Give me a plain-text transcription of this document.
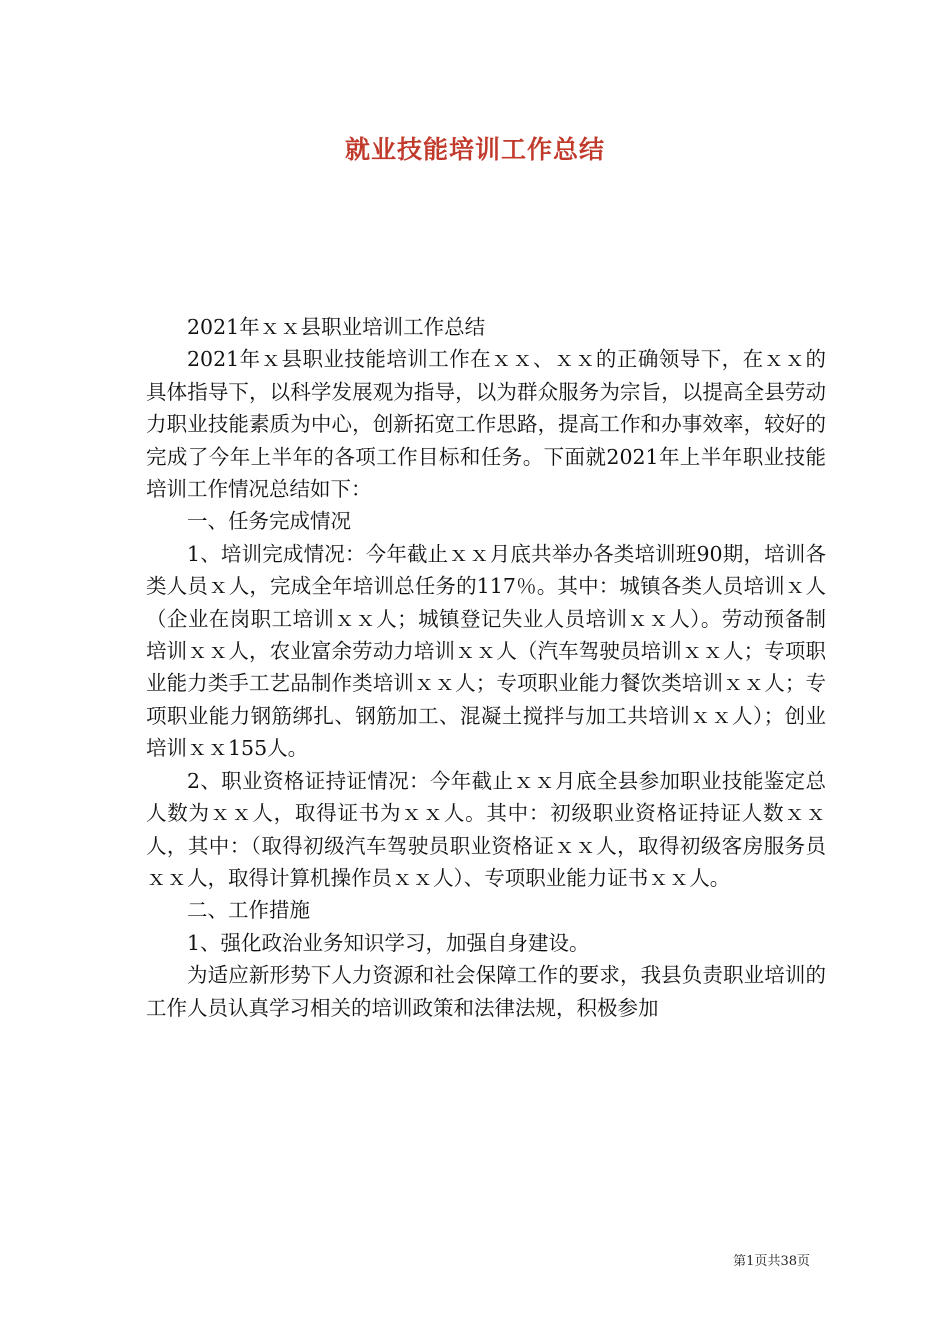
就业技能培训工作总结

2021年ｘｘ县职业培训工作总结

2021年ｘ县职业技能培训工作在ｘｘ、ｘｘ的正确领导下，在ｘｘ的具体指导下，以科学发展观为指导，以为群众服务为宗旨，以提高全县劳动力职业技能素质为中心，创新拓宽工作思路，提高工作和办事效率，较好的完成了今年上半年的各项工作目标和任务。下面就2021年上半年职业技能培训工作情况总结如下：

一、任务完成情况

1、培训完成情况：今年截止ｘｘ月底共举办各类培训班90期，培训各类人员ｘ人，完成全年培训总任务的117％。其中：城镇各类人员培训ｘ人（企业在岗职工培训ｘｘ人；城镇登记失业人员培训ｘｘ人）。劳动预备制培训ｘｘ人，农业富余劳动力培训ｘｘ人（汽车驾驶员培训ｘｘ人；专项职业能力类手工艺品制作类培训ｘｘ人；专项职业能力餐饮类培训ｘｘ人；专项职业能力钢筋绑扎、钢筋加工、混凝土搅拌与加工共培训ｘｘ人）；创业培训ｘｘ155人。

2、职业资格证持证情况：今年截止ｘｘ月底全县参加职业技能鉴定总人数为ｘｘ人，取得证书为ｘｘ人。其中：初级职业资格证持证人数ｘｘ人，其中：（取得初级汽车驾驶员职业资格证ｘｘ人，取得初级客房服务员ｘｘ人，取得计算机操作员ｘｘ人）、专项职业能力证书ｘｘ人。

二、工作措施

1、强化政治业务知识学习，加强自身建设。

为适应新形势下人力资源和社会保障工作的要求，我县负责职业培训的工作人员认真学习相关的培训政策和法律法规，积极参加

第1页共38页
